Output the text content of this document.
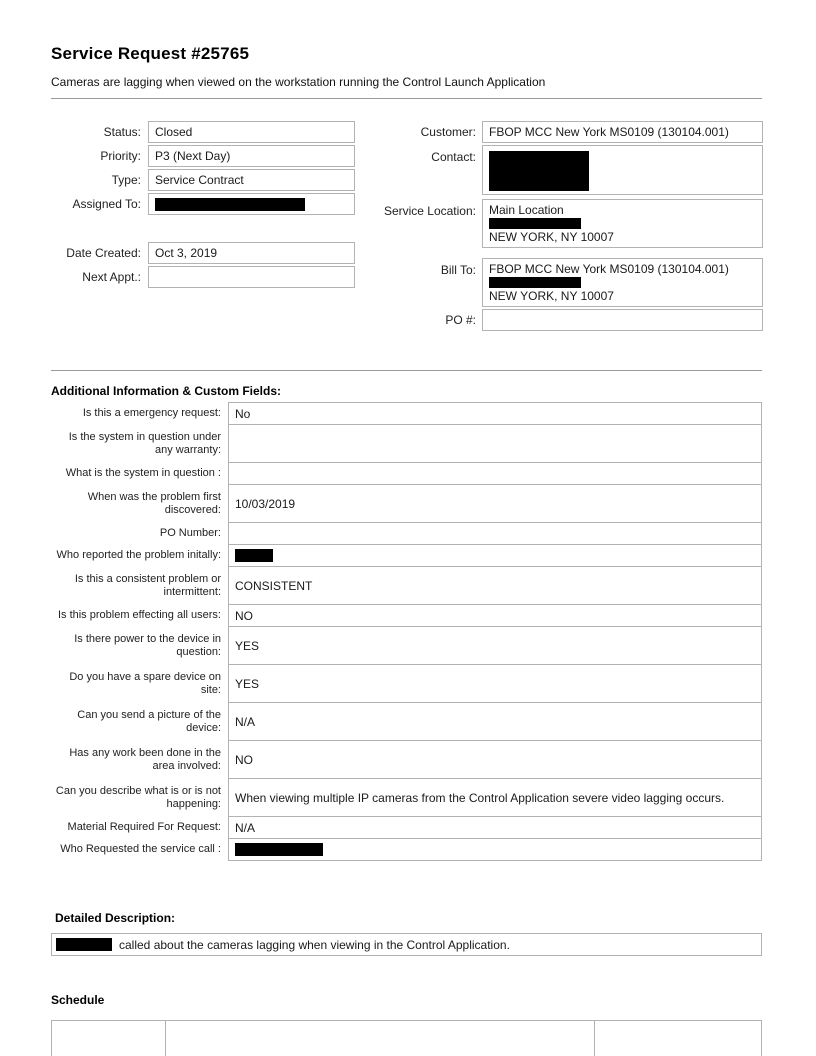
Service Request #25765
Cameras are lagging when viewed on the workstation running the Control Launch Application
Status:	Closed
Priority:	P3 (Next Day)
Type:	Service Contract
Assigned To:
Date Created:	Oct 3, 2019
Next Appt.:
Customer:	FBOP MCC New York MS0109 (130104.001)
Contact:
Service Location:	Main Location
NEW YORK, NY 10007
Bill To:	FBOP MCC New York MS0109 (130104.001)
NEW YORK, NY 10007
PO #:
Additional Information & Custom Fields:
Is this a emergency request:	No
Is the system in question under any warranty:
What is the system in question :
When was the problem first discovered:	10/03/2019
PO Number:
Who reported the problem initally:
Is this a consistent problem or intermittent:	CONSISTENT
Is this problem effecting all users:	NO
Is there power to the device in question:	YES
Do you have a spare device on site:	YES
Can you send a picture of the device:	N/A
Has any work been done in the area involved:	NO
Can you describe what is or is not happening:	When viewing multiple IP cameras from the Control Application severe video lagging occurs.
Material Required For Request:	N/A
Who Requested the service call :
Detailed Description:
called about the cameras lagging when viewing in the Control Application.
Schedule
